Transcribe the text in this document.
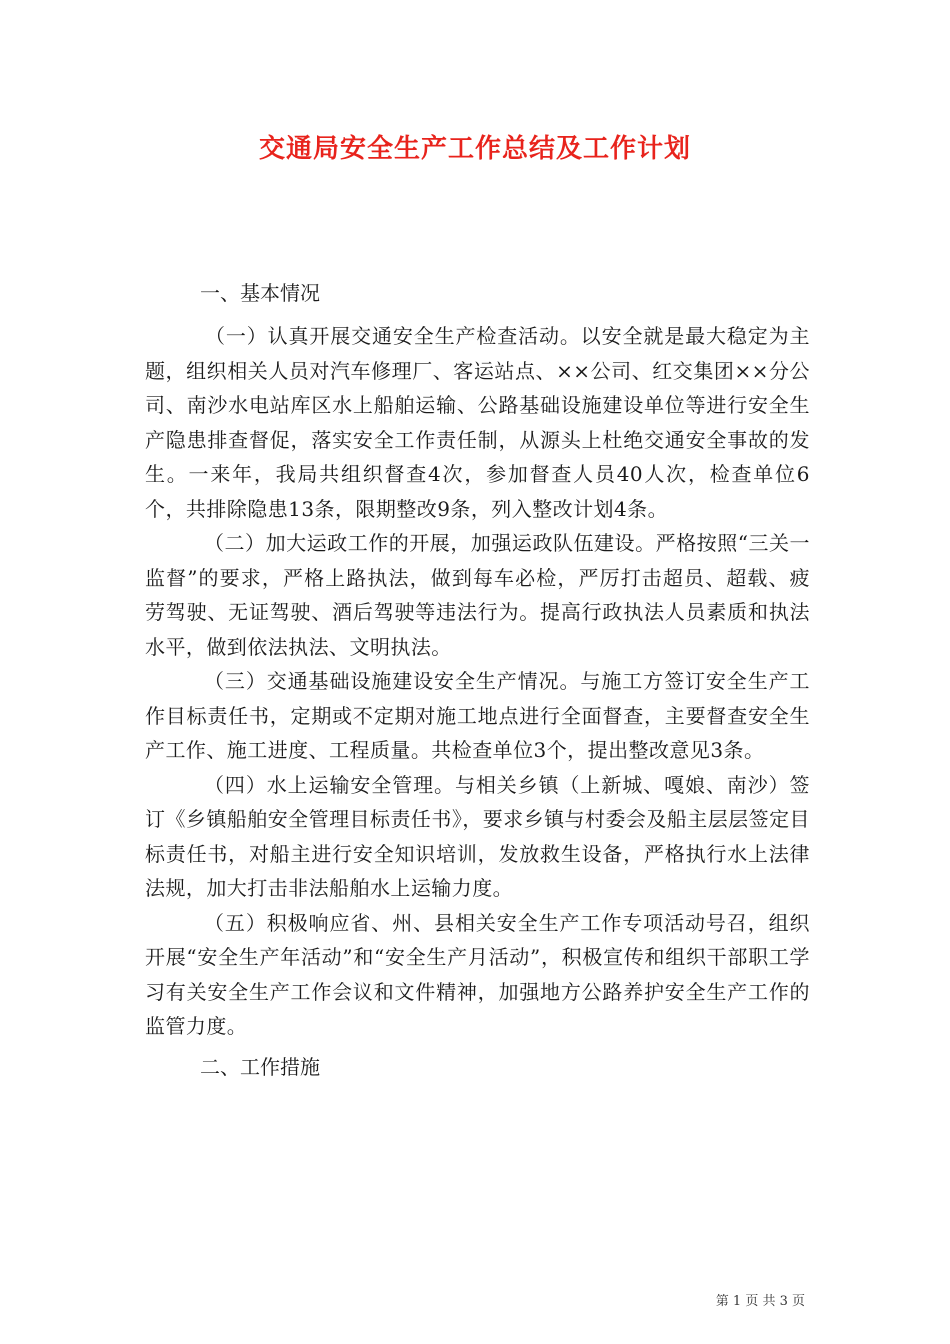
交通局安全生产工作总结及工作计划

一、基本情况

（一）认真开展交通安全生产检查活动。以安全就是最大稳定为主题，组织相关人员对汽车修理厂、客运站点、××公司、红交集团××分公司、南沙水电站库区水上船舶运输、公路基础设施建设单位等进行安全生产隐患排查督促，落实安全工作责任制，从源头上杜绝交通安全事故的发生。一来年，我局共组织督查4次，参加督查人员40人次，检查单位6个，共排除隐患13条，限期整改9条，列入整改计划4条。

（二）加大运政工作的开展，加强运政队伍建设。严格按照“三关一监督”的要求，严格上路执法，做到每车必检，严厉打击超员、超载、疲劳驾驶、无证驾驶、酒后驾驶等违法行为。提高行政执法人员素质和执法水平，做到依法执法、文明执法。

（三）交通基础设施建设安全生产情况。与施工方签订安全生产工作目标责任书，定期或不定期对施工地点进行全面督查，主要督查安全生产工作、施工进度、工程质量。共检查单位3个，提出整改意见3条。

（四）水上运输安全管理。与相关乡镇（上新城、嘎娘、南沙）签订《乡镇船舶安全管理目标责任书》，要求乡镇与村委会及船主层层签定目标责任书，对船主进行安全知识培训，发放救生设备，严格执行水上法律法规，加大打击非法船舶水上运输力度。

（五）积极响应省、州、县相关安全生产工作专项活动号召，组织开展“安全生产年活动”和“安全生产月活动”，积极宣传和组织干部职工学习有关安全生产工作会议和文件精神，加强地方公路养护安全生产工作的监管力度。

二、工作措施

第 1 页 共 3 页
